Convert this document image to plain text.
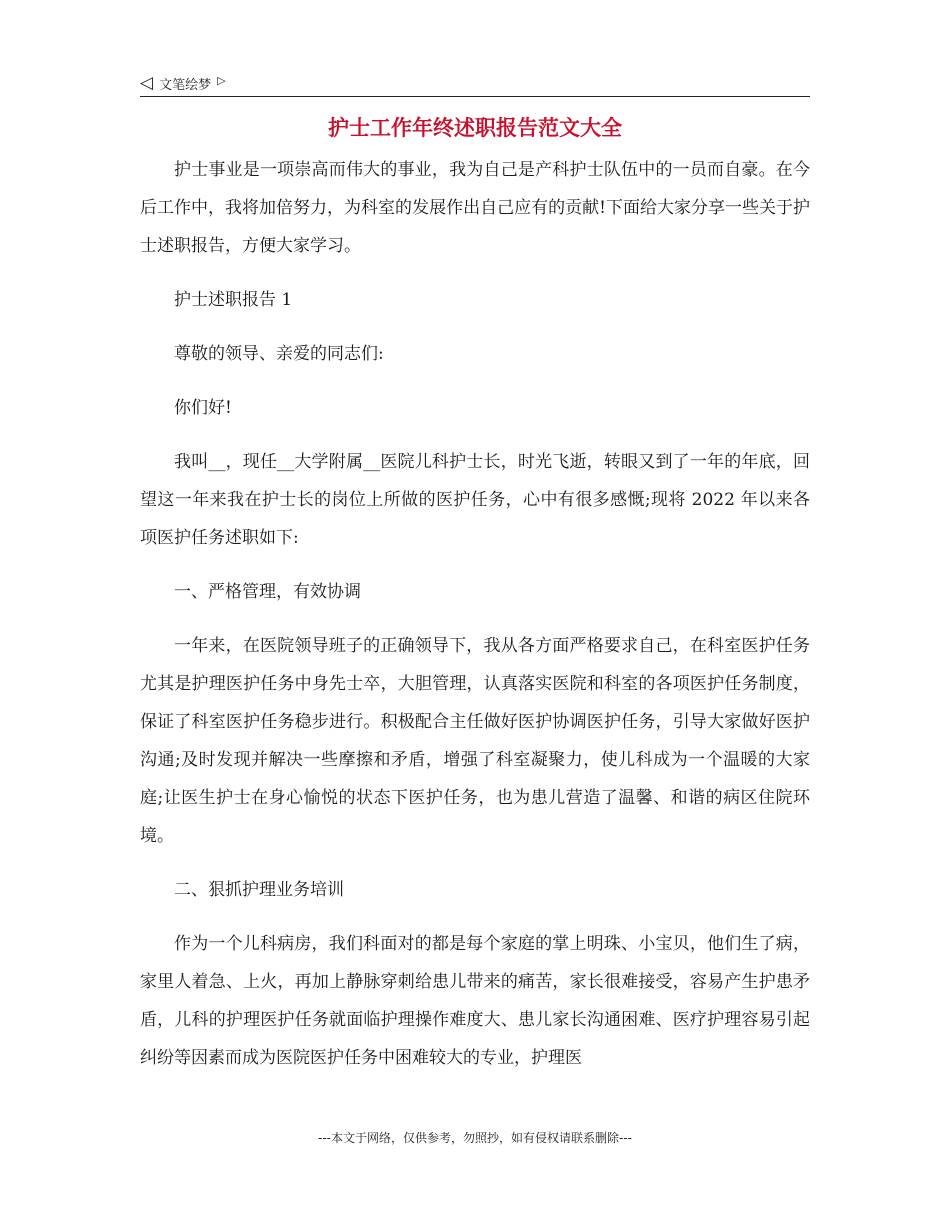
◁ 文笔绘梦 ▷
护士工作年终述职报告范文大全

护士事业是一项崇高而伟大的事业，我为自己是产科护士队伍中的一员而自豪。在今后工作中，我将加倍努力，为科室的发展作出自己应有的贡献!下面给大家分享一些关于护士述职报告，方便大家学习。

护士述职报告 1

尊敬的领导、亲爱的同志们:

你们好!

我叫__，现任__大学附属__医院儿科护士长，时光飞逝，转眼又到了一年的年底，回望这一年来我在护士长的岗位上所做的医护任务，心中有很多感慨;现将 2022 年以来各项医护任务述职如下:

一、严格管理，有效协调

一年来，在医院领导班子的正确领导下，我从各方面严格要求自己，在科室医护任务尤其是护理医护任务中身先士卒，大胆管理，认真落实医院和科室的各项医护任务制度，保证了科室医护任务稳步进行。积极配合主任做好医护协调医护任务，引导大家做好医护沟通;及时发现并解决一些摩擦和矛盾，增强了科室凝聚力，使儿科成为一个温暖的大家庭;让医生护士在身心愉悦的状态下医护任务，也为患儿营造了温馨、和谐的病区住院环境。

二、狠抓护理业务培训

作为一个儿科病房，我们科面对的都是每个家庭的掌上明珠、小宝贝，他们生了病，家里人着急、上火，再加上静脉穿刺给患儿带来的痛苦，家长很难接受，容易产生护患矛盾，儿科的护理医护任务就面临护理操作难度大、患儿家长沟通困难、医疗护理容易引起纠纷等因素而成为医院医护任务中困难较大的专业，护理医

---本文于网络，仅供参考，勿照抄，如有侵权请联系删除---
